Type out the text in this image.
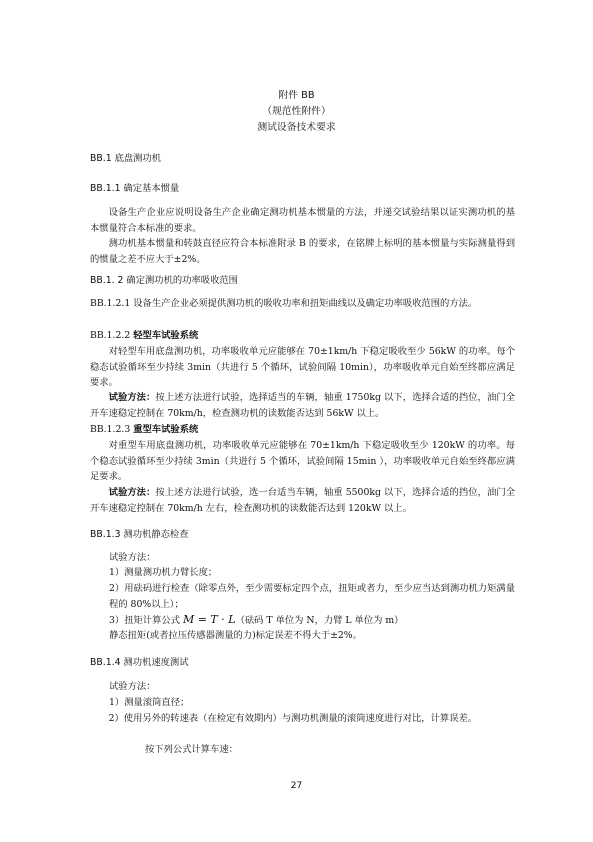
附件 BB
（规范性附件）
测试设备技术要求
BB.1 底盘测功机
BB.1.1 确定基本惯量
设备生产企业应说明设备生产企业确定测功机基本惯量的方法，并递交试验结果以证实测功机的基本惯量符合本标准的要求。
测功机基本惯量和转鼓直径应符合本标准附录 B 的要求，在铭牌上标明的基本惯量与实际测量得到的惯量之差不应大于±2%。
BB.1. 2 确定测功机的功率吸收范围
BB.1.2.1 设备生产企业必须提供测功机的吸收功率和扭矩曲线以及确定功率吸收范围的方法。
BB.1.2.2 轻型车试验系统
对轻型车用底盘测功机，功率吸收单元应能够在 70±1km/h 下稳定吸收至少 56kW 的功率。每个稳态试验循环至少持续 3min（共进行 5 个循环，试验间隔 10min），功率吸收单元自始至终都应满足要求。
试验方法：按上述方法进行试验，选择适当的车辆，轴重 1750kg 以下，选择合适的挡位，油门全开车速稳定控制在 70km/h，检查测功机的读数能否达到 56kW 以上。
BB.1.2.3 重型车试验系统
对重型车用底盘测功机，功率吸收单元应能够在 70±1km/h 下稳定吸收至少 120kW 的功率。每个稳态试验循环至少持续 3min（共进行 5 个循环，试验间隔 15min ），功率吸收单元自始至终都应满足要求。
试验方法：按上述方法进行试验，选一台适当车辆，轴重 5500kg 以下，选择合适的挡位，油门全开车速稳定控制在 70km/h 左右，检查测功机的读数能否达到 120kW 以上。
BB.1.3 测功机静态检查
试验方法：
1）测量测功机力臂长度；
2）用砝码进行检查（除零点外，至少需要标定四个点，扭矩或者力，至少应当达到测功机力矩满量程的 80%以上）；
3）扭矩计算公式 M = T · L（砝码 T 单位为 N，力臂 L 单位为 m）
静态扭矩(或者拉压传感器测量的力)标定误差不得大于±2%。
BB.1.4 测功机速度测试
试验方法：
1）测量滚筒直径；
2）使用另外的转速表（在检定有效期内）与测功机测量的滚筒速度进行对比，计算误差。
按下列公式计算车速：
27
